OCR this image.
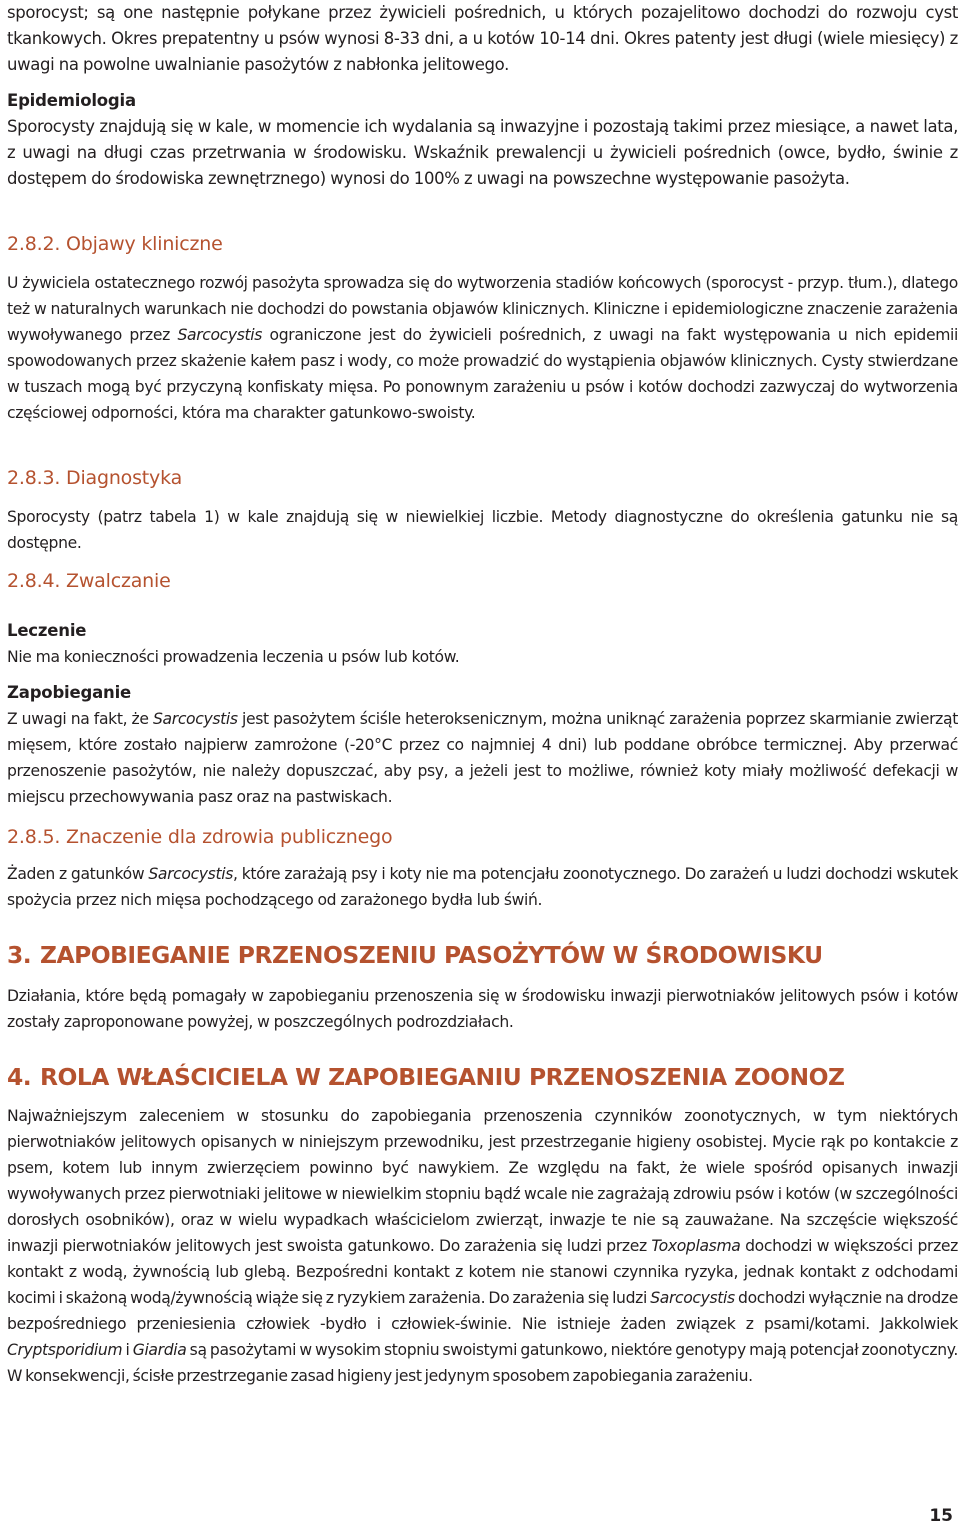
sporocyst; są one następnie połykane przez żywicieli pośrednich, u których pozajelitowo dochodzi do rozwoju cyst tkankowych. Okres prepatentny u psów wynosi 8-33 dni, a u kotów 10-14 dni. Okres patenty jest długi (wiele miesięcy) z uwagi na powolne uwalnianie pasożytów z nabłonka jelitowego.

Epidemiologia

Sporocysty znajdują się w kale, w momencie ich wydalania są inwazyjne i pozostają takimi przez miesiące, a nawet lata, z uwagi na długi czas przetrwania w środowisku. Wskaźnik prewalencji u żywicieli pośrednich (owce, bydło, świnie z dostępem do środowiska zewnętrznego) wynosi do 100% z uwagi na powszechne występowanie pasożyta.

2.8.2. Objawy kliniczne

U żywiciela ostatecznego rozwój pasożyta sprowadza się do wytworzenia stadiów końcowych (sporocyst - przyp. tłum.), dlatego też w naturalnych warunkach nie dochodzi do powstania objawów klinicznych. Kliniczne i epidemiologiczne znaczenie zarażenia wywoływanego przez Sarcocystis ograniczone jest do żywicieli pośrednich, z uwagi na fakt występowania u nich epidemii spowodowanych przez skażenie kałem pasz i wody, co może prowadzić do wystąpienia objawów klinicznych. Cysty stwierdzane w tuszach mogą być przyczyną konfiskaty mięsa. Po ponownym zarażeniu u psów i kotów dochodzi zazwyczaj do wytworzenia częściowej odporności, która ma charakter gatunkowo-swoisty.

2.8.3. Diagnostyka

Sporocysty (patrz tabela 1) w kale znajdują się w niewielkiej liczbie. Metody diagnostyczne do określenia gatunku nie są dostępne.

2.8.4. Zwalczanie

Leczenie

Nie ma konieczności prowadzenia leczenia u psów lub kotów.

Zapobieganie

Z uwagi na fakt, że Sarcocystis jest pasożytem ściśle heteroksenicznym, można uniknąć zarażenia poprzez skarmianie zwierząt mięsem, które zostało najpierw zamrożone (-20°C przez co najmniej 4 dni) lub poddane obróbce termicznej. Aby przerwać przenoszenie pasożytów, nie należy dopuszczać, aby psy, a jeżeli jest to możliwe, również koty miały możliwość defekacji w miejscu przechowywania pasz oraz na pastwiskach.

2.8.5. Znaczenie dla zdrowia publicznego

Żaden z gatunków Sarcocystis, które zarażają psy i koty nie ma potencjału zoonotycznego. Do zarażeń u ludzi dochodzi wskutek spożycia przez nich mięsa pochodzącego od zarażonego bydła lub świń.

3. ZAPOBIEGANIE PRZENOSZENIU PASOŻYTÓW W ŚRODOWISKU

Działania, które będą pomagały w zapobieganiu przenoszenia się w środowisku inwazji pierwotniaków jelitowych psów i kotów zostały zaproponowane powyżej, w poszczególnych podrozdziałach.

4. ROLA WŁAŚCICIELA W ZAPOBIEGANIU PRZENOSZENIA ZOONOZ

Najważniejszym zaleceniem w stosunku do zapobiegania przenoszenia czynników zoonotycznych, w tym niektórych pierwotniaków jelitowych opisanych w niniejszym przewodniku, jest przestrzeganie higieny osobistej. Mycie rąk po kontakcie z psem, kotem lub innym zwierzęciem powinno być nawykiem. Ze względu na fakt, że wiele spośród opisanych inwazji wywoływanych przez pierwotniaki jelitowe w niewielkim stopniu bądź wcale nie zagrażają zdrowiu psów i kotów (w szczególności dorosłych osobników), oraz w wielu wypadkach właścicielom zwierząt, inwazje te nie są zauważane. Na szczęście większość inwazji pierwotniaków jelitowych jest swoista gatunkowo. Do zarażenia się ludzi przez Toxoplasma dochodzi w większości przez kontakt z wodą, żywnością lub glebą. Bezpośredni kontakt z kotem nie stanowi czynnika ryzyka, jednak kontakt z odchodami kocimi i skażoną wodą/żywnością wiąże się z ryzykiem zarażenia. Do zarażenia się ludzi Sarcocystis dochodzi wyłącznie na drodze bezpośredniego przeniesienia człowiek -bydło i człowiek-świnie. Nie istnieje żaden związek z psami/kotami. Jakkolwiek Cryptsporidium i Giardia są pasożytami w wysokim stopniu swoistymi gatunkowo, niektóre genotypy mają potencjał zoonotyczny. W konsekwencji, ścisłe przestrzeganie zasad higieny jest jedynym sposobem zapobiegania zarażeniu.

15
